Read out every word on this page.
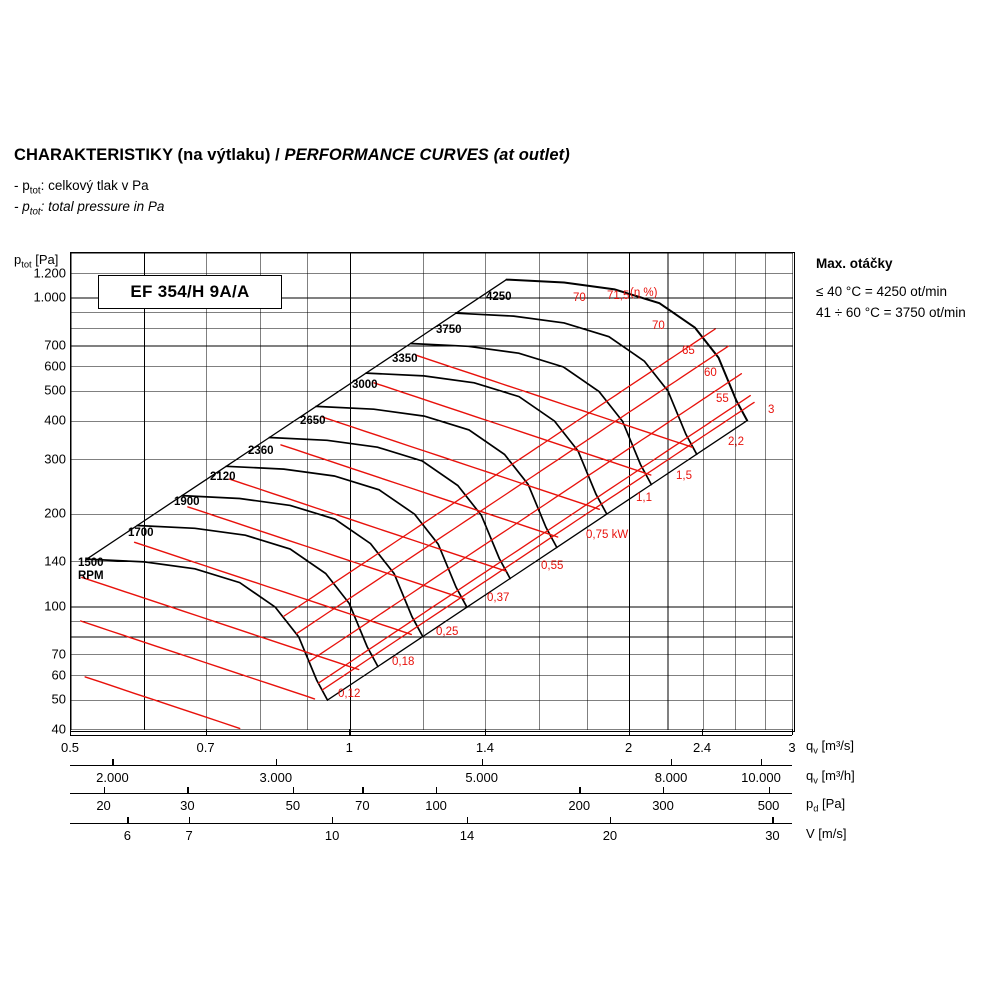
CHARAKTERISTIKY (na výtlaku) / PERFORMANCE CURVES (at outlet)
- $p_{tot}$: celkový tlak v Pa
- $p_{tot}$: total pressure in Pa
Max. otáčky
≤ 40 °C = 4250 ot/min
41 ÷ 60 °C = 3750 ot/min
$p_{tot}$ [Pa]
1.200
1.000
700
600
500
400
300
200
140
100
70
60
50
40
EF 354/H 9A/A	4250
3750
3350
3000
2650
2360
2120
1900
1700
1500
RPM
0,12
0,18
0,25
0,37
0,55
0,75 kW
1,1
1,5
2,2
3
70 71,5 (η %)
70
65
60
55
$q_v$ [m³/s]
0.5	0.7	1	1.4	2	2.4	3
$q_v$ [m³/h]
2.000	3.000	5.000	8.000	10.000
$p_d$ [Pa]
20	30	50	70	100	200	300	500
V [m/s]
6	7	10	14	20	30
